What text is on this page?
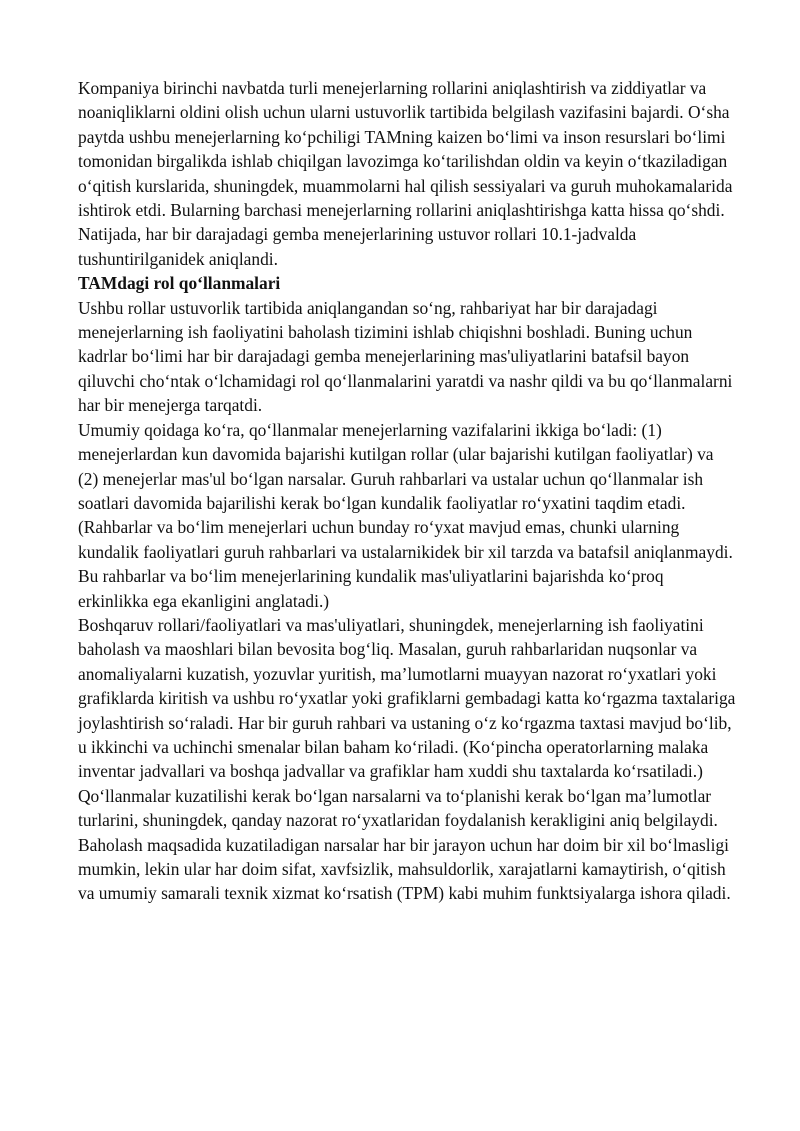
Kompaniya birinchi navbatda turli menejerlarning rollarini aniqlashtirish va ziddiyatlar va noaniqliklarni oldini olish uchun ularni ustuvorlik tartibida belgilash vazifasini bajardi. O‘sha paytda ushbu menejerlarning ko‘pchiligi TAMning kaizen bo‘limi va inson resurslari bo‘limi tomonidan birgalikda ishlab chiqilgan lavozimga ko‘tarilishdan oldin va keyin o‘tkaziladigan o‘qitish kurslarida, shuningdek, muammolarni hal qilish sessiyalari va guruh muhokamalarida ishtirok etdi. Bularning barchasi menejerlarning rollarini aniqlashtirishga katta hissa qo‘shdi. Natijada, har bir darajadagi gemba menejerlarining ustuvor rollari 10.1-jadvalda tushuntirilganidek aniqlandi.

TAMdagi rol qo‘llanmalari

Ushbu rollar ustuvorlik tartibida aniqlangandan so‘ng, rahbariyat har bir darajadagi menejerlarning ish faoliyatini baholash tizimini ishlab chiqishni boshladi. Buning uchun kadrlar bo‘limi har bir darajadagi gemba menejerlarining mas'uliyatlarini batafsil bayon qiluvchi cho‘ntak o‘lchamidagi rol qo‘llanmalarini yaratdi va nashr qildi va bu qo‘llanmalarni har bir menejerga tarqatdi.

Umumiy qoidaga ko‘ra, qo‘llanmalar menejerlarning vazifalarini ikkiga bo‘ladi: (1) menejerlardan kun davomida bajarishi kutilgan rollar (ular bajarishi kutilgan faoliyatlar) va (2) menejerlar mas'ul bo‘lgan narsalar. Guruh rahbarlari va ustalar uchun qo‘llanmalar ish soatlari davomida bajarilishi kerak bo‘lgan kundalik faoliyatlar ro‘yxatini taqdim etadi. (Rahbarlar va bo‘lim menejerlari uchun bunday ro‘yxat mavjud emas, chunki ularning kundalik faoliyatlari guruh rahbarlari va ustalarnikidek bir xil tarzda va batafsil aniqlanmaydi. Bu rahbarlar va bo‘lim menejerlarining kundalik mas'uliyatlarini bajarishda ko‘proq erkinlikka ega ekanligini anglatadi.)

Boshqaruv rollari/faoliyatlari va mas'uliyatlari, shuningdek, menejerlarning ish faoliyatini baholash va maoshlari bilan bevosita bog‘liq. Masalan, guruh rahbarlaridan nuqsonlar va anomaliyalarni kuzatish, yozuvlar yuritish, ma’lumotlarni muayyan nazorat ro‘yxatlari yoki grafiklarda kiritish va ushbu ro‘yxatlar yoki grafiklarni gembadagi katta ko‘rgazma taxtalariga joylashtirish so‘raladi. Har bir guruh rahbari va ustaning o‘z ko‘rgazma taxtasi mavjud bo‘lib, u ikkinchi va uchinchi smenalar bilan baham ko‘riladi. (Ko‘pincha operatorlarning malaka inventar jadvallari va boshqa jadvallar va grafiklar ham xuddi shu taxtalarda ko‘rsatiladi.) Qo‘llanmalar kuzatilishi kerak bo‘lgan narsalarni va to‘planishi kerak bo‘lgan ma’lumotlar turlarini, shuningdek, qanday nazorat ro‘yxatlaridan foydalanish kerakligini aniq belgilaydi. Baholash maqsadida kuzatiladigan narsalar har bir jarayon uchun har doim bir xil bo‘lmasligi mumkin, lekin ular har doim sifat, xavfsizlik, mahsuldorlik, xarajatlarni kamaytirish, o‘qitish va umumiy samarali texnik xizmat ko‘rsatish (TPM) kabi muhim funktsiyalarga ishora qiladi.
